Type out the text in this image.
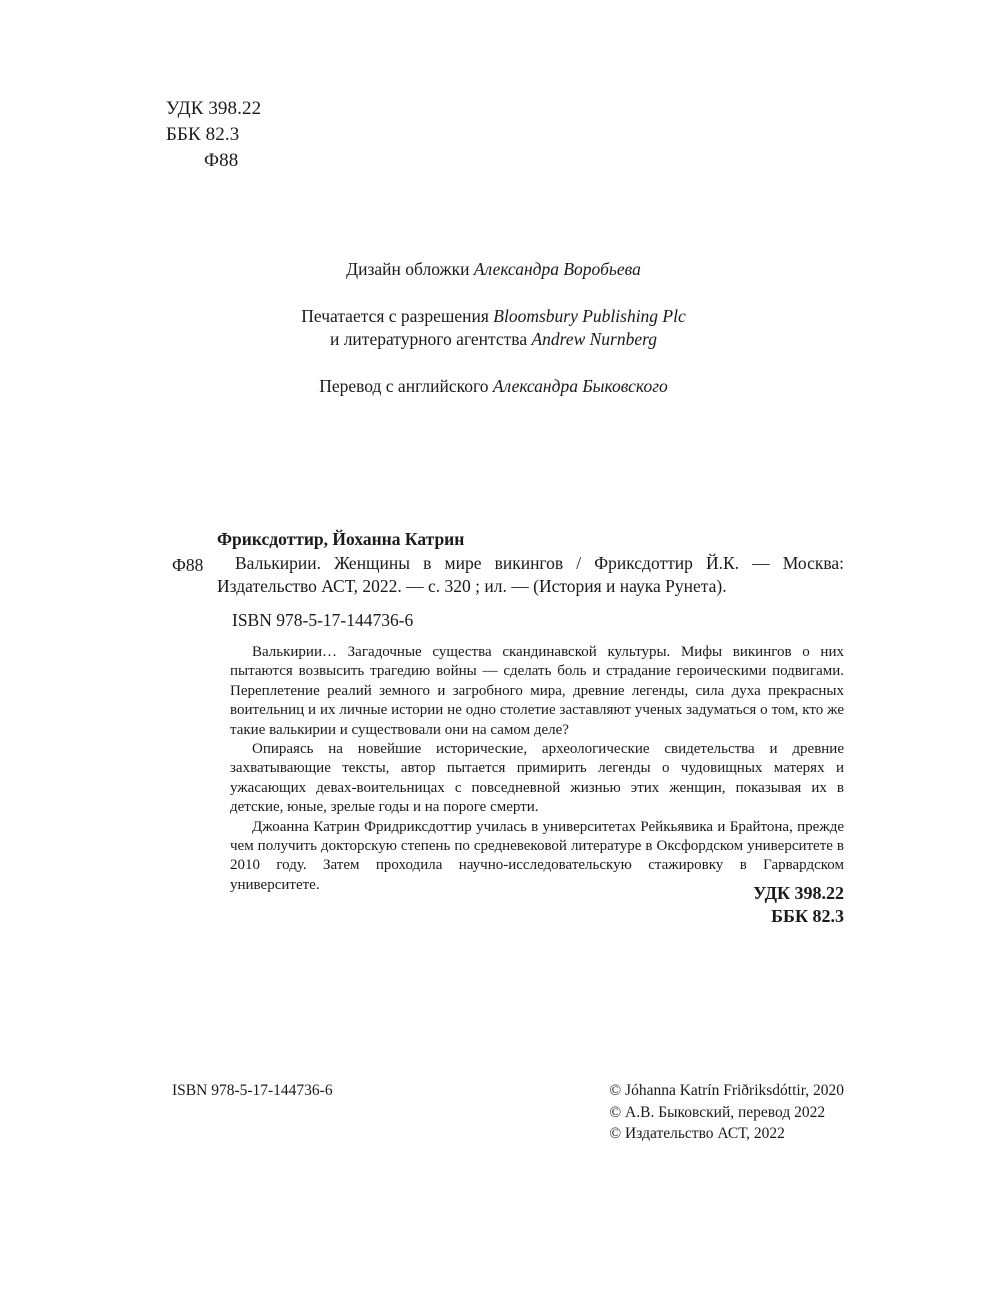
УДК 398.22
ББК 82.3
Ф88
Дизайн обложки Александра Воробьева
Печатается с разрешения Bloomsbury Publishing Plc
и литературного агентства Andrew Nurnberg
Перевод с английского Александра Быковского
Фриксдоттир, Йоханна Катрин
Ф88	Валькирии. Женщины в мире викингов / Фриксдоттир Й.К. — Москва: Издательство АСТ, 2022. — с. 320 ; ил. — (История и наука Рунета).
ISBN 978-5-17-144736-6

Валькирии… Загадочные существа скандинавской культуры. Мифы викингов о них пытаются возвысить трагедию войны — сделать боль и страдание героическими подвигами. Переплетение реалий земного и загробного мира, древние легенды, сила духа прекрасных воительниц и их личные истории не одно столетие заставляют ученых задуматься о том, кто же такие валькирии и существовали они на самом деле?

Опираясь на новейшие исторические, археологические свидетельства и древние захватывающие тексты, автор пытается примирить легенды о чудовищных матерях и ужасающих девах-воительницах с повседневной жизнью этих женщин, показывая их в детские, юные, зрелые годы и на пороге смерти.

Джоанна Катрин Фридриксдоттир училась в университетах Рейкьявика и Брайтона, прежде чем получить докторскую степень по средневековой литературе в Оксфордском университете в 2010 году. Затем проходила научно-исследовательскую стажировку в Гарвардском университете.	УДК 398.22
ББК 82.3
ISBN 978-5-17-144736-6	© Jóhanna Katrín Friðriksdóttir, 2020
© А.В. Быковский, перевод 2022
© Издательство АСТ, 2022
